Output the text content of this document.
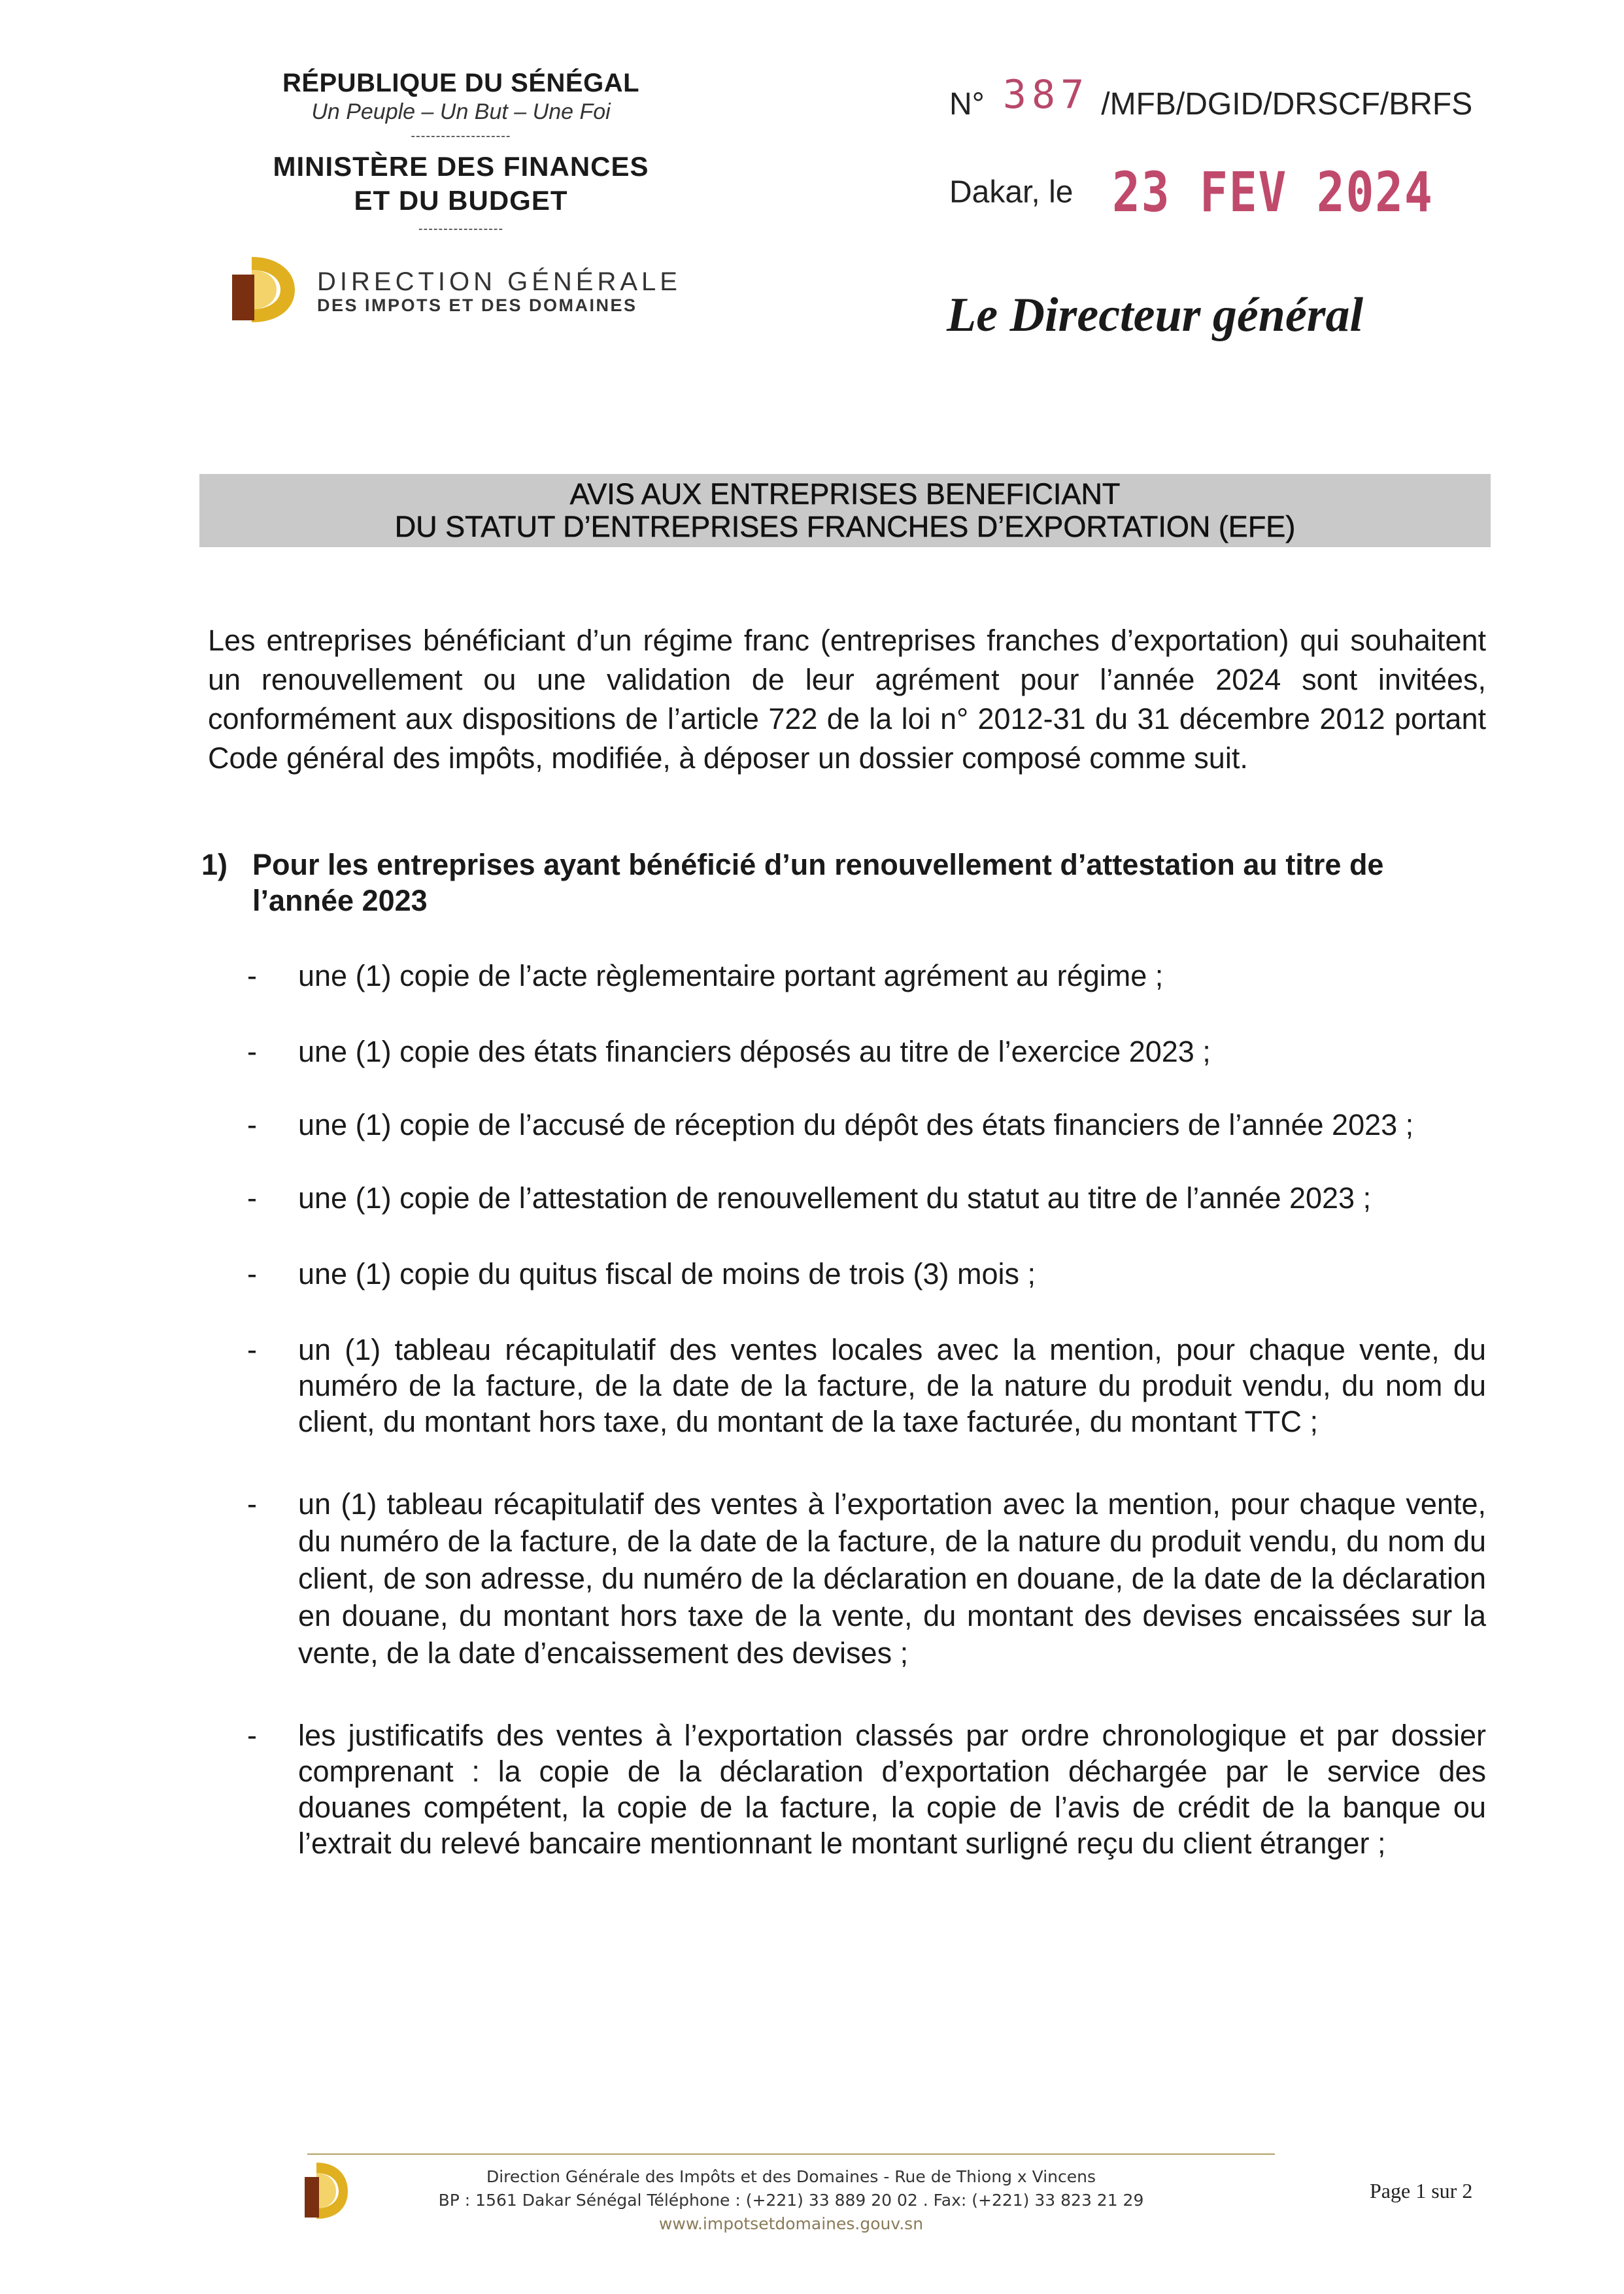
RÉPUBLIQUE DU SÉNÉGAL
Un Peuple – Un But – Une Foi
--------------------
MINISTÈRE DES FINANCES
ET DU BUDGET
-----------------
DIRECTION GÉNÉRALE
DES IMPOTS ET DES DOMAINES
N° 387 /MFB/DGID/DRSCF/BRFS
Dakar, le 23 FEV 2024
Le Directeur général
AVIS AUX ENTREPRISES BENEFICIANT
DU STATUT D’ENTREPRISES FRANCHES D’EXPORTATION (EFE)
Les entreprises bénéficiant d’un régime franc (entreprises franches d’exportation) qui souhaitent un renouvellement ou une validation de leur agrément pour l’année 2024 sont invitées, conformément aux dispositions de l’article 722 de la loi n° 2012-31 du 31 décembre 2012 portant Code général des impôts, modifiée, à déposer un dossier composé comme suit.
1) Pour les entreprises ayant bénéficié d’un renouvellement d’attestation au titre de l’année 2023
-	une (1) copie de l’acte règlementaire portant agrément au régime ;
-	une (1) copie des états financiers déposés au titre de l’exercice 2023 ;
-	une (1) copie de l’accusé de réception du dépôt des états financiers de l’année 2023 ;
-	une (1) copie de l’attestation de renouvellement du statut au titre de l’année 2023 ;
-	une (1) copie du quitus fiscal de moins de trois (3) mois ;
-	un (1) tableau récapitulatif des ventes locales avec la mention, pour chaque vente, du numéro de la facture, de la date de la facture, de la nature du produit vendu, du nom du client, du montant hors taxe, du montant de la taxe facturée, du montant TTC ;
-	un (1) tableau récapitulatif des ventes à l’exportation avec la mention, pour chaque vente, du numéro de la facture, de la date de la facture, de la nature du produit vendu, du nom du client, de son adresse, du numéro de la déclaration en douane, de la date de la déclaration en douane, du montant hors taxe de la vente, du montant des devises encaissées sur la vente, de la date d’encaissement des devises ;
-	les justificatifs des ventes à l’exportation classés par ordre chronologique et par dossier comprenant : la copie de la déclaration d’exportation déchargée par le service des douanes compétent, la copie de la facture, la copie de l’avis de crédit de la banque ou l’extrait du relevé bancaire mentionnant le montant surligné reçu du client étranger ;
Direction Générale des Impôts et des Domaines - Rue de Thiong x Vincens
BP : 1561 Dakar Sénégal Téléphone : (+221) 33 889 20 02 . Fax: (+221) 33 823 21 29
www.impotsetdomaines.gouv.sn
Page 1 sur 2
